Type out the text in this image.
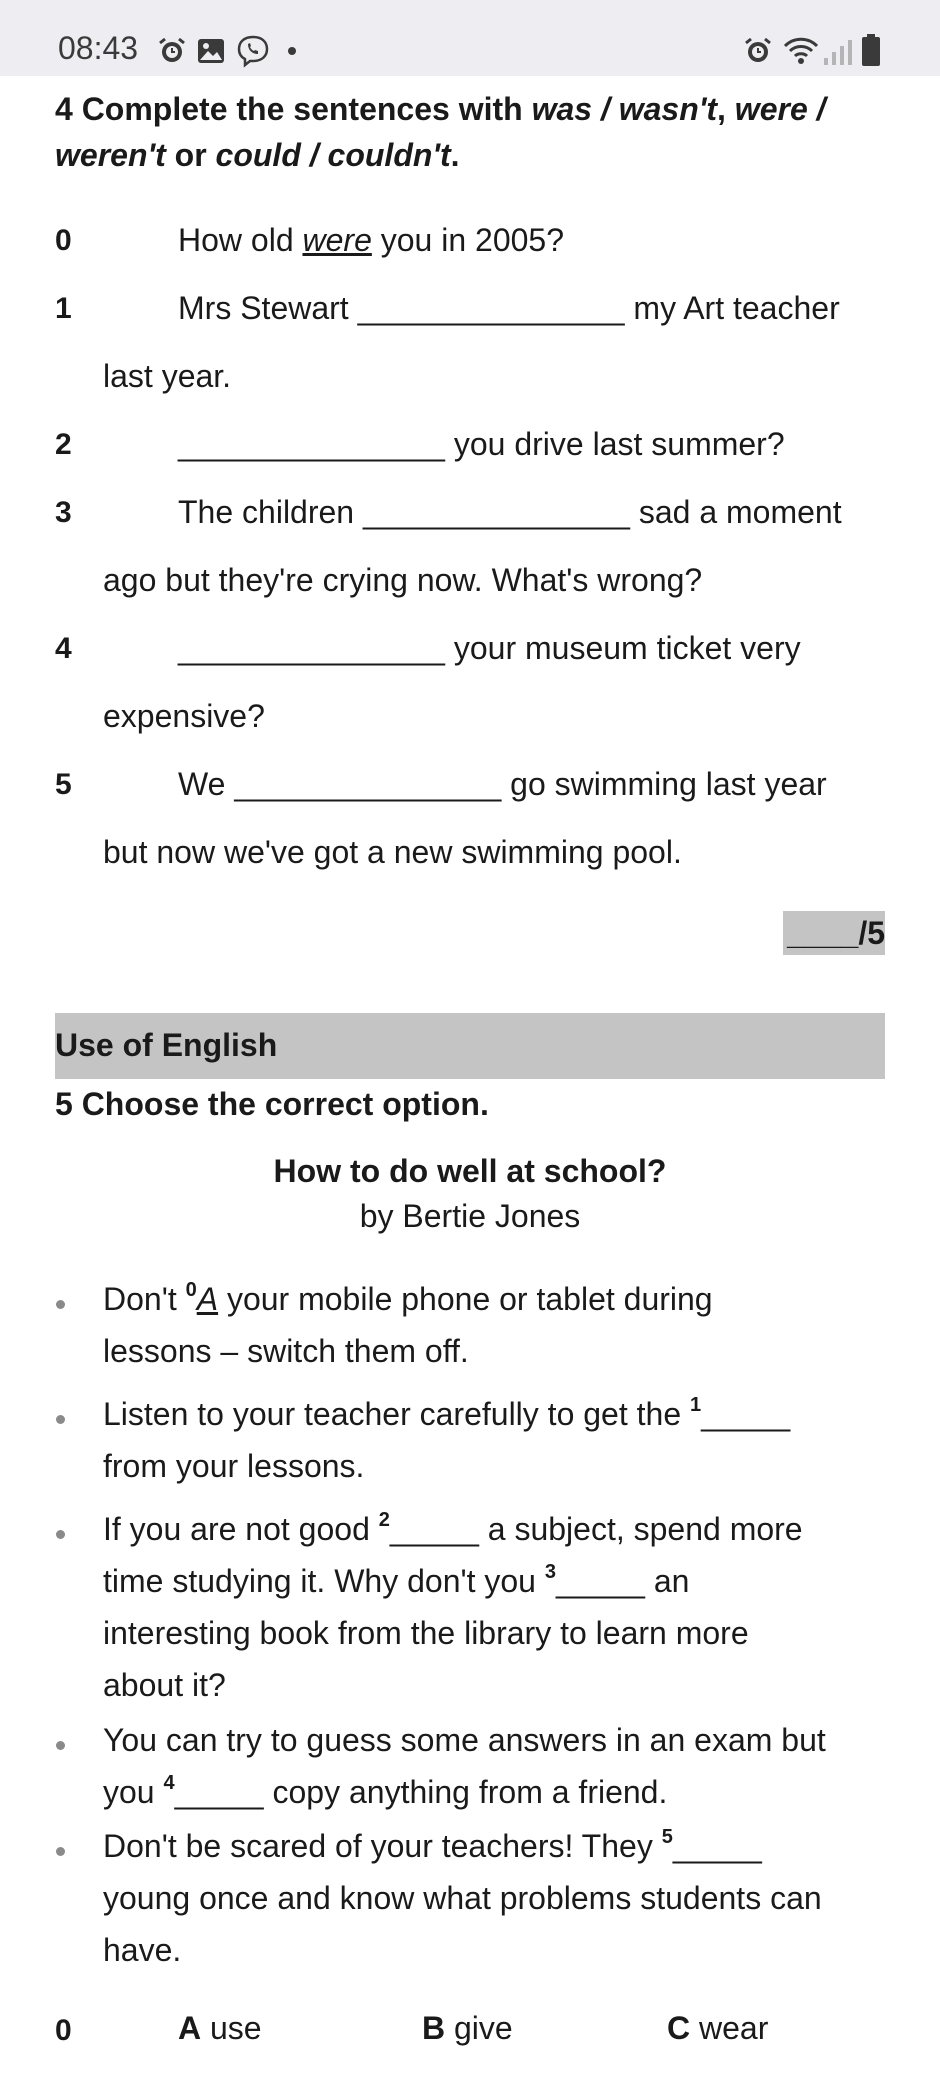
08:43
4 Complete the sentences with was / wasn't, were / weren't or could / couldn't.
0	How old were you in 2005?
1	Mrs Stewart _______________ my Art teacher
last year.
2	_______________ you drive last summer?
3	The children _______________ sad a moment
ago but they're crying now. What's wrong?
4	_______________ your museum ticket very
expensive?
5	We _______________ go swimming last year
but now we've got a new swimming pool.
____/5
Use of English
5 Choose the correct option.
How to do well at school?
by Bertie Jones
Don't $^0$A your mobile phone or tablet during
lessons – switch them off.
Listen to your teacher carefully to get the $^1$_____
from your lessons.
If you are not good $^2$_____ a subject, spend more
time studying it. Why don't you $^3$_____ an
interesting book from the library to learn more
about it?
You can try to guess some answers in an exam but
you $^4$_____ copy anything from a friend.
Don't be scared of your teachers! They $^5$_____
young once and know what problems students can
have.
0	A use	B give	C wear
